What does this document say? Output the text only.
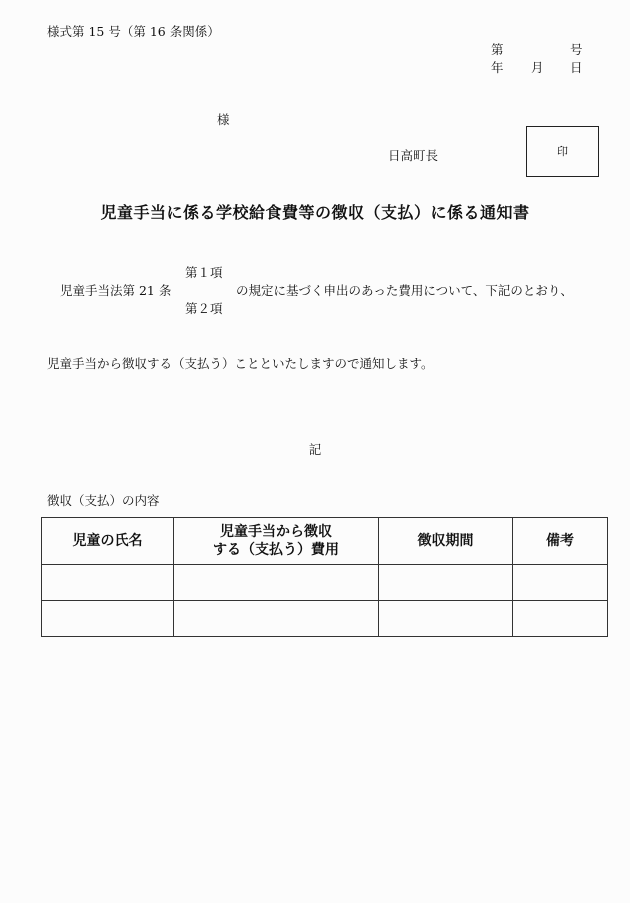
様式第 15 号（第 16 条関係）
第	号
年 月 日
様
日高町長	印
児童手当に係る学校給食費等の徴収（支払）に係る通知書
第１項
児童手当法第 21 条	の規定に基づく申出のあった費用について、下記のとおり、
第２項
児童手当から徴収する（支払う）ことといたしますので通知します。
記
徴収（支払）の内容
児童の氏名	児童手当から徴収
する（支払う）費用	徴収期間	備考
